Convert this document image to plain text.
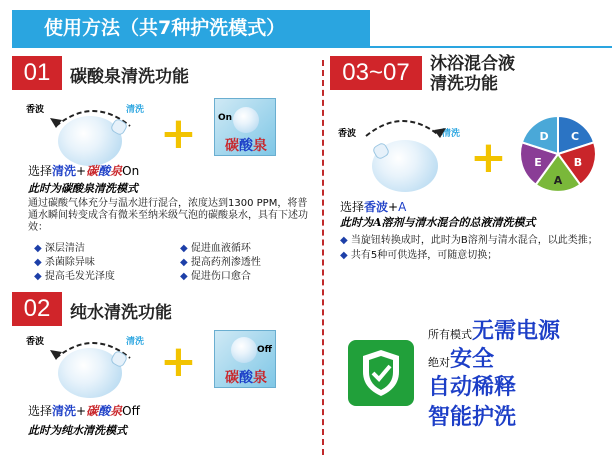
使用方法（共7种护洗模式）
01	碳酸泉清洗功能
香波	清洗 + On
碳酸泉
选择清洗+碳酸泉On
此时为碳酸泉清洗模式
通过碳酸气体充分与温水进行混合，浓度达到1300 PPM，将普通水瞬间转变成含有微米至纳米级气泡的碳酸泉水，具有下述功效：
◆ 深层清洁
◆ 杀菌除异味
◆ 提高毛发光泽度
◆ 促进血液循环
◆ 提高药剂渗透性
◆ 促进伤口愈合
02	纯水清洗功能
香波	清洗 +	Off
碳酸泉
选择清洗+碳酸泉Off
此时为纯水清洗模式
03~07	沐浴混合液
清洗功能
香波	清洗 +	C
B
A
E
D
选择香波+A
此时为A溶剂与清水混合的总液清洗模式
◆ 当旋钮转换成时，此时为B溶剂与清水混合，以此类推；
◆ 共有5种可供选择，可随意切换；
所有模式无需电源
绝对安全
自动稀释
智能护洗
